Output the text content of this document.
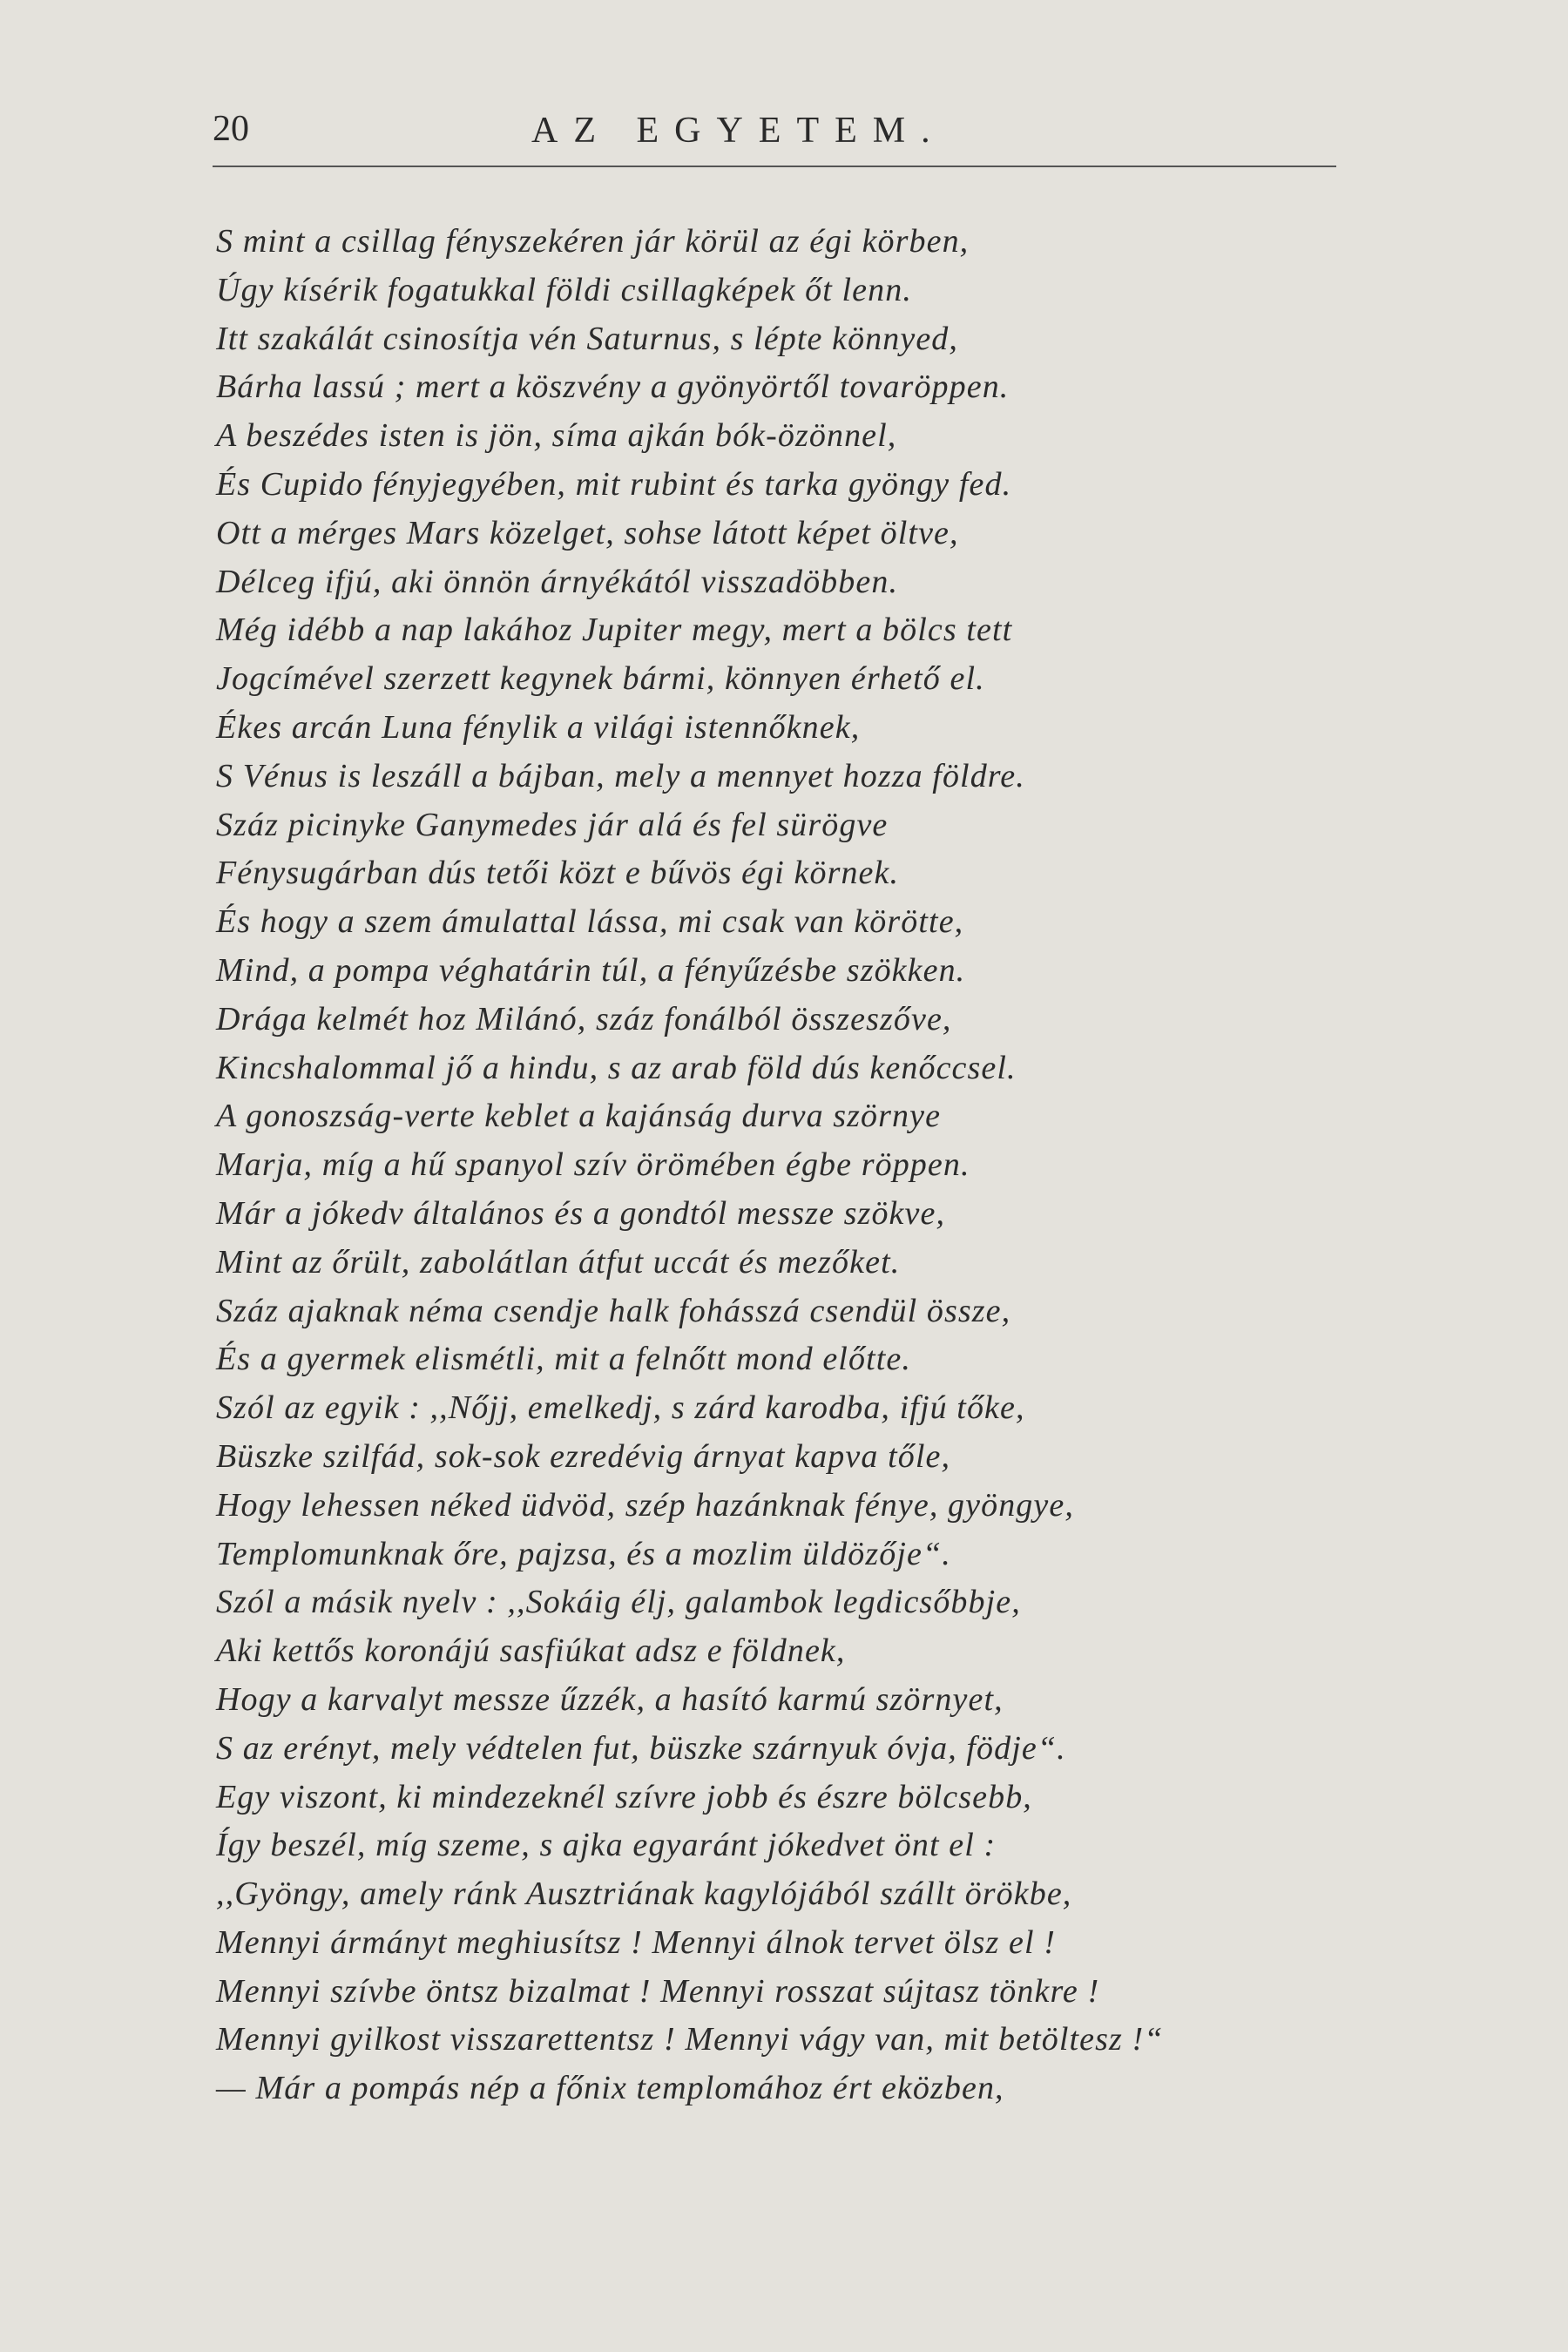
20	AZ EGYETEM.
S mint a csillag fényszekéren jár körül az égi körben,
Úgy kísérik fogatukkal földi csillagképek őt lenn.
Itt szakálát csinosítja vén Saturnus, s lépte könnyed,
Bárha lassú ; mert a köszvény a gyönyörtől tovaröppen.
A beszédes isten is jön, síma ajkán bók-özönnel,
És Cupido fényjegyében, mit rubint és tarka gyöngy fed.
Ott a mérges Mars közelget, sohse látott képet öltve,
Délceg ifjú, aki önnön árnyékától visszadöbben.
Még idébb a nap lakához Jupiter megy, mert a bölcs tett
Jogcímével szerzett kegynek bármi, könnyen érhető el.
Ékes arcán Luna fénylik a világi istennőknek,
S Vénus is leszáll a bájban, mely a mennyet hozza földre.
Száz picinyke Ganymedes jár alá és fel sürögve
Fénysugárban dús tetői közt e bűvös égi körnek.
És hogy a szem ámulattal lássa, mi csak van körötte,
Mind, a pompa véghatárin túl, a fényűzésbe szökken.
Drága kelmét hoz Milánó, száz fonálból összeszőve,
Kincshalommal jő a hindu, s az arab föld dús kenőccsel.
A gonoszság-verte keblet a kajánság durva szörnye
Marja, míg a hű spanyol szív örömében égbe röppen.
Már a jókedv általános és a gondtól messze szökve,
Mint az őrült, zabolátlan átfut uccát és mezőket.
Száz ajaknak néma csendje halk fohásszá csendül össze,
És a gyermek elismétli, mit a felnőtt mond előtte.
Szól az egyik : ,,Nőjj, emelkedj, s zárd karodba, ifjú tőke,
Büszke szilfád, sok-sok ezredévig árnyat kapva tőle,
Hogy lehessen néked üdvöd, szép hazánknak fénye, gyöngye,
Templomunknak őre, pajzsa, és a mozlim üldözője“.
Szól a másik nyelv : ,,Sokáig élj, galambok legdicsőbbje,
Aki kettős koronájú sasfiúkat adsz e földnek,
Hogy a karvalyt messze űzzék, a hasító karmú szörnyet,
S az erényt, mely védtelen fut, büszke szárnyuk óvja, födje“.
Egy viszont, ki mindezeknél szívre jobb és észre bölcsebb,
Így beszél, míg szeme, s ajka egyaránt jókedvet önt el :
,,Gyöngy, amely ránk Ausztriának kagylójából szállt örökbe,
Mennyi ármányt meghiusítsz ! Mennyi álnok tervet ölsz el !
Mennyi szívbe öntsz bizalmat ! Mennyi rosszat sújtasz tönkre !
Mennyi gyilkost visszarettentsz ! Mennyi vágy van, mit betöltesz !“
— Már a pompás nép a főnix templomához ért eközben,
